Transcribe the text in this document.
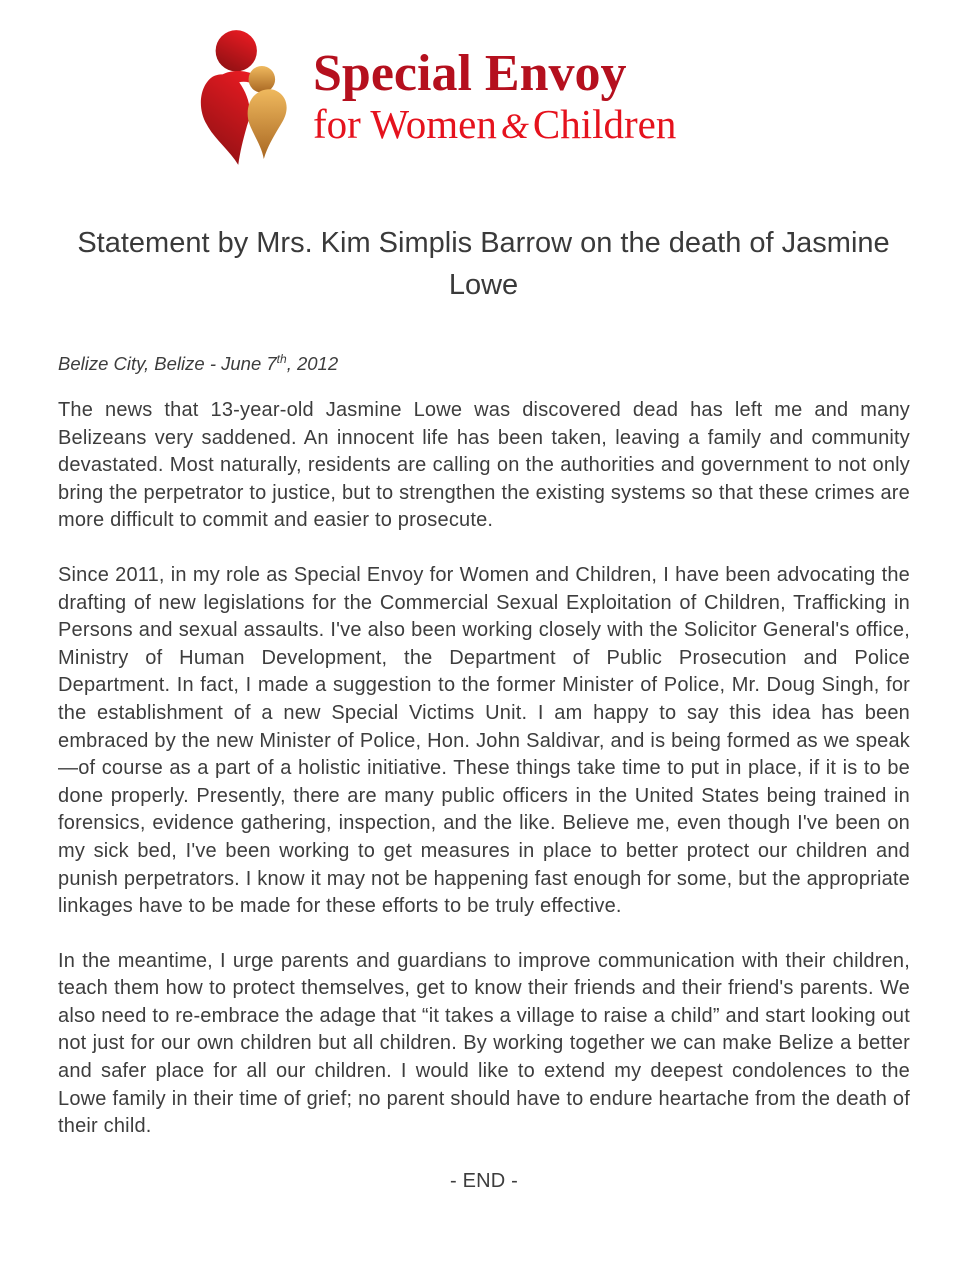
Special Envoy
for Women &Children
Statement by Mrs. Kim Simplis Barrow on the death of Jasmine Lowe

Belize City, Belize - June 7th, 2012

The news that 13-year-old Jasmine Lowe was discovered dead has left me and many Belizeans very saddened. An innocent life has been taken, leaving a family and community devastated. Most naturally, residents are calling on the authorities and government to not only bring the perpetrator to justice, but to strengthen the existing systems so that these crimes are more difficult to commit and easier to prosecute.

Since 2011, in my role as Special Envoy for Women and Children, I have been advocating the drafting of new legislations for the Commercial Sexual Exploitation of Children, Trafficking in Persons and sexual assaults. I've also been working closely with the Solicitor General's office, Ministry of Human Development, the Department of Public Prosecution and Police Department. In fact, I made a suggestion to the former Minister of Police, Mr. Doug Singh, for the establishment of a new Special Victims Unit. I am happy to say this idea has been embraced by the new Minister of Police, Hon. John Saldivar, and is being formed as we speak—of course as a part of a holistic initiative. These things take time to put in place, if it is to be done properly. Presently, there are many public officers in the United States being trained in forensics, evidence gathering, inspection, and the like. Believe me, even though I've been on my sick bed, I've been working to get measures in place to better protect our children and punish perpetrators. I know it may not be happening fast enough for some, but the appropriate linkages have to be made for these efforts to be truly effective.

In the meantime, I urge parents and guardians to improve communication with their children, teach them how to protect themselves, get to know their friends and their friend's parents. We also need to re-embrace the adage that “it takes a village to raise a child” and start looking out not just for our own children but all children. By working together we can make Belize a better and safer place for all our children. I would like to extend my deepest condolences to the Lowe family in their time of grief; no parent should have to endure heartache from the death of their child.

- END -
